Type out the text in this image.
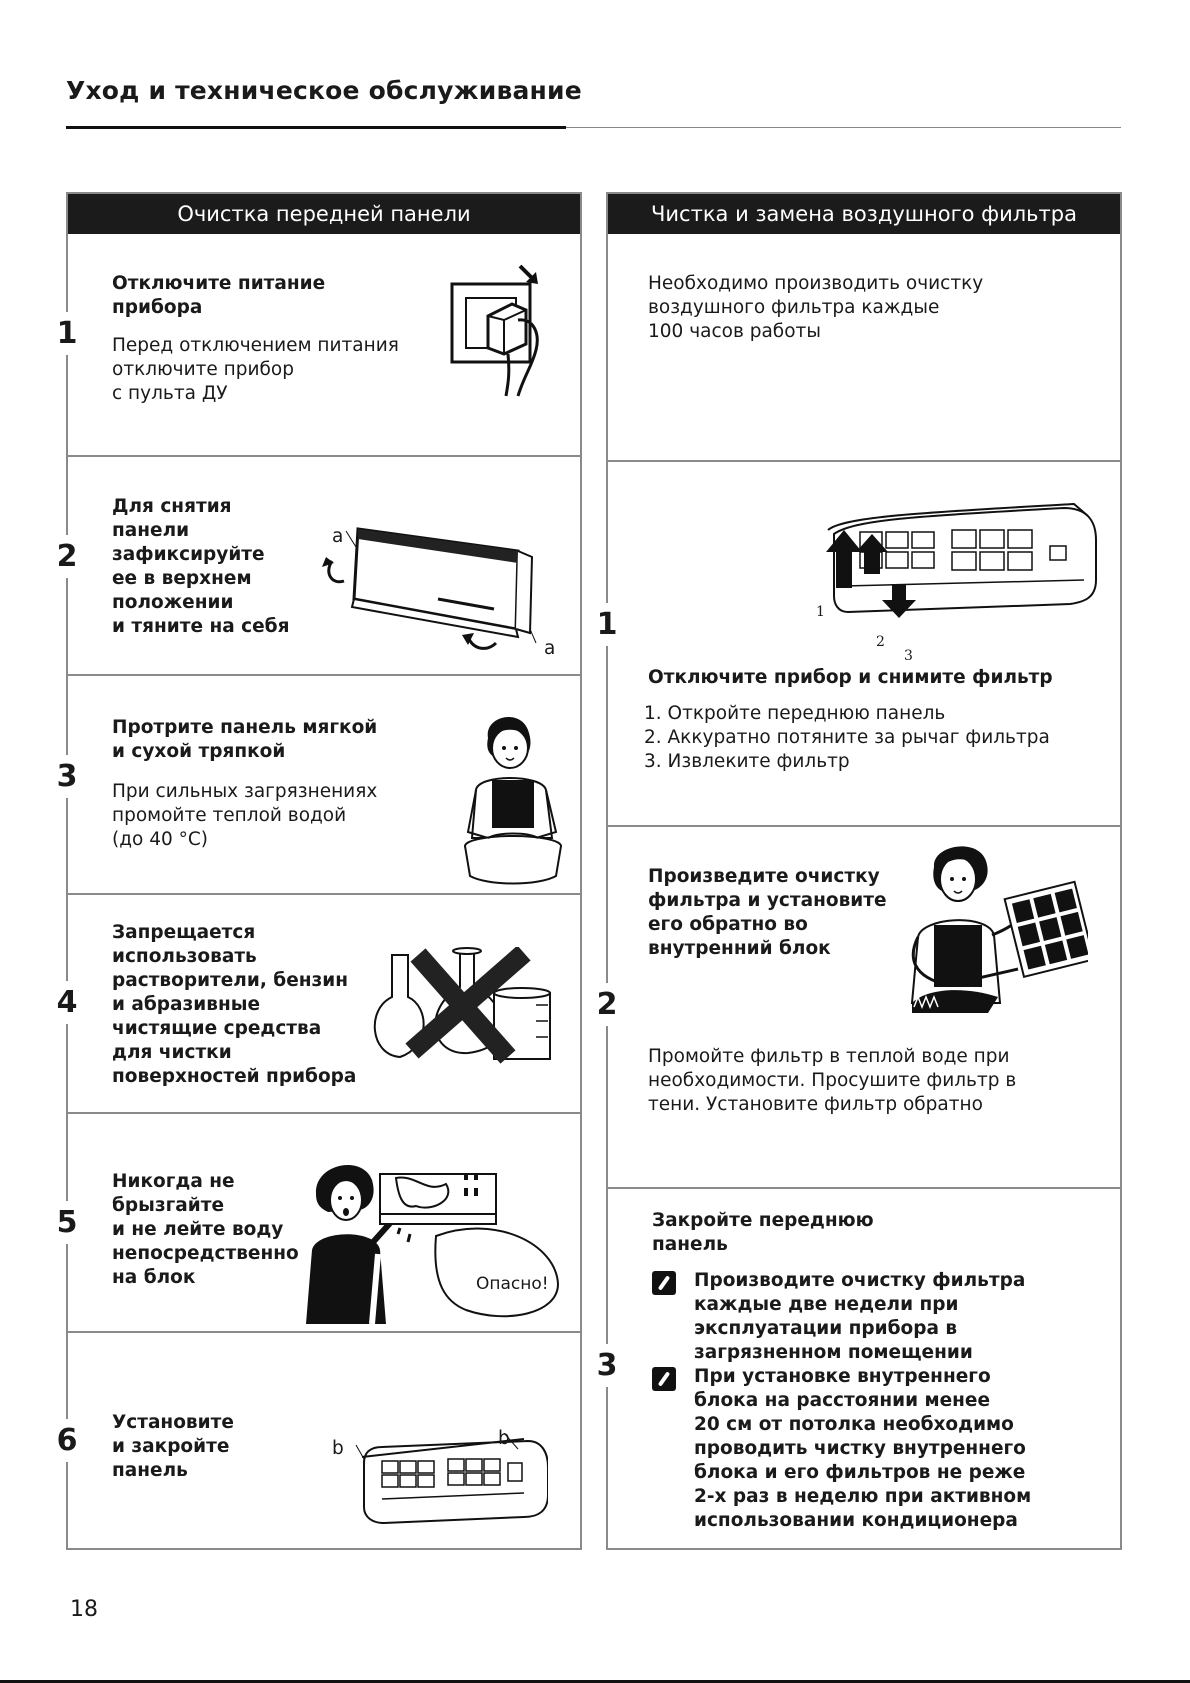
Уход и техническое обслуживание
Очистка передней панели
Отключите питание
прибора
Перед отключением питания
отключите прибор
с пульта ДУ
Для снятия
панели
зафиксируйте
ее в верхнем
положении
и тяните на себя
a
a
Протрите панель мягкой
и сухой тряпкой
При сильных загрязнениях
промойте теплой водой
(до 40 °C)
Запрещается
использовать
растворители, бензин
и абразивные
чистящие средства
для чистки
поверхностей прибора
Никогда не
брызгайте
и не лейте воду
непосредственно
на блок	Опасно!
Установите
и закройте
панель
b	b
1
2
3
4
5
6
Чистка и замена воздушного фильтра
Необходимо производить очистку
воздушного фильтра каждые
100 часов работы
1
2
3
Отключите прибор и снимите фильтр
1. Откройте переднюю панель
2. Аккуратно потяните за рычаг фильтра
3. Извлеките фильтр
Произведите очистку
фильтра и установите
его обратно во
внутренний блок
Промойте фильтр в теплой воде при
необходимости. Просушите фильтр в
тени. Установите фильтр обратно
Закройте переднюю
панель
Производите очистку фильтра
каждые две недели при
эксплуатации прибора в
загрязненном помещении
При установке внутреннего
блока на расстоянии менее
20 см от потолка необходимо
проводить чистку внутреннего
блока и его фильтров не реже
2-х раз в неделю при активном
использовании кондиционера
1
2
3
18
